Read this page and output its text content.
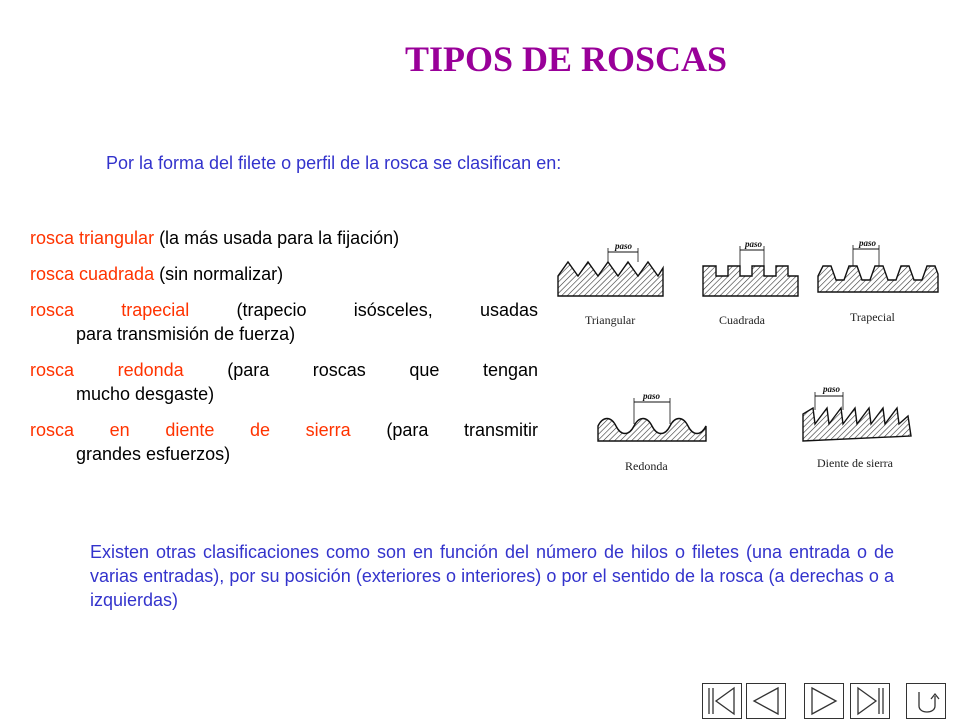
TIPOS DE ROSCAS
Por la forma del filete o perfil de la rosca se clasifican en:
rosca triangular (la más usada para la fijación)
rosca cuadrada (sin normalizar)
rosca trapecial (trapecio isósceles, usadas
para transmisión de fuerza)
rosca redonda (para roscas que tengan
mucho desgaste)
rosca en diente de sierra (para transmitir
grandes esfuerzos)
paso
Triangular
paso
Cuadrada
paso
Trapecial
paso
Redonda
paso
Diente de sierra
Existen otras clasificaciones como son en función del número de hilos o filetes (una entrada o de varias entradas), por su posición (exteriores o interiores) o por el sentido de la rosca (a derechas o a izquierdas)
